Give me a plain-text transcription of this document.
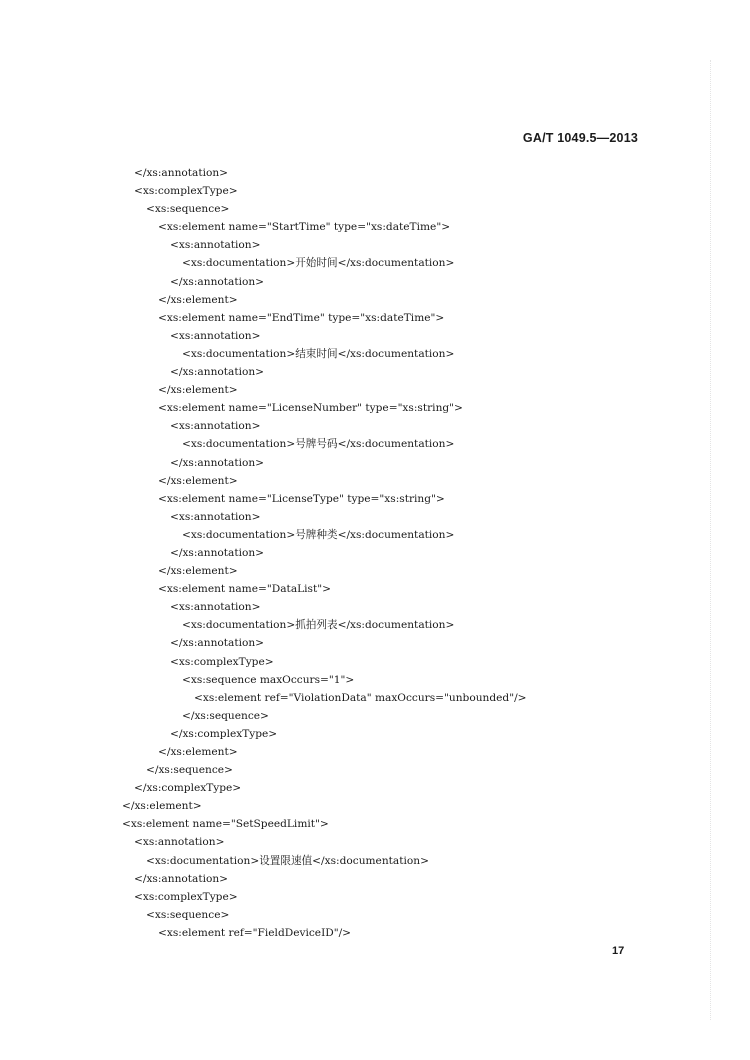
GA/T 1049.5—2013
</xs:annotation>
<xs:complexType>
<xs:sequence>
<xs:element name="StartTime" type="xs:dateTime">
<xs:annotation>
<xs:documentation>开始时间</xs:documentation>
</xs:annotation>
</xs:element>
<xs:element name="EndTime" type="xs:dateTime">
<xs:annotation>
<xs:documentation>结束时间</xs:documentation>
</xs:annotation>
</xs:element>
<xs:element name="LicenseNumber" type="xs:string">
<xs:annotation>
<xs:documentation>号牌号码</xs:documentation>
</xs:annotation>
</xs:element>
<xs:element name="LicenseType" type="xs:string">
<xs:annotation>
<xs:documentation>号牌种类</xs:documentation>
</xs:annotation>
</xs:element>
<xs:element name="DataList">
<xs:annotation>
<xs:documentation>抓拍列表</xs:documentation>
</xs:annotation>
<xs:complexType>
<xs:sequence maxOccurs="1">
<xs:element ref="ViolationData" maxOccurs="unbounded"/>
</xs:sequence>
</xs:complexType>
</xs:element>
</xs:sequence>
</xs:complexType>
</xs:element>
<xs:element name="SetSpeedLimit">
<xs:annotation>
<xs:documentation>设置限速值</xs:documentation>
</xs:annotation>
<xs:complexType>
<xs:sequence>
<xs:element ref="FieldDeviceID"/>
17
